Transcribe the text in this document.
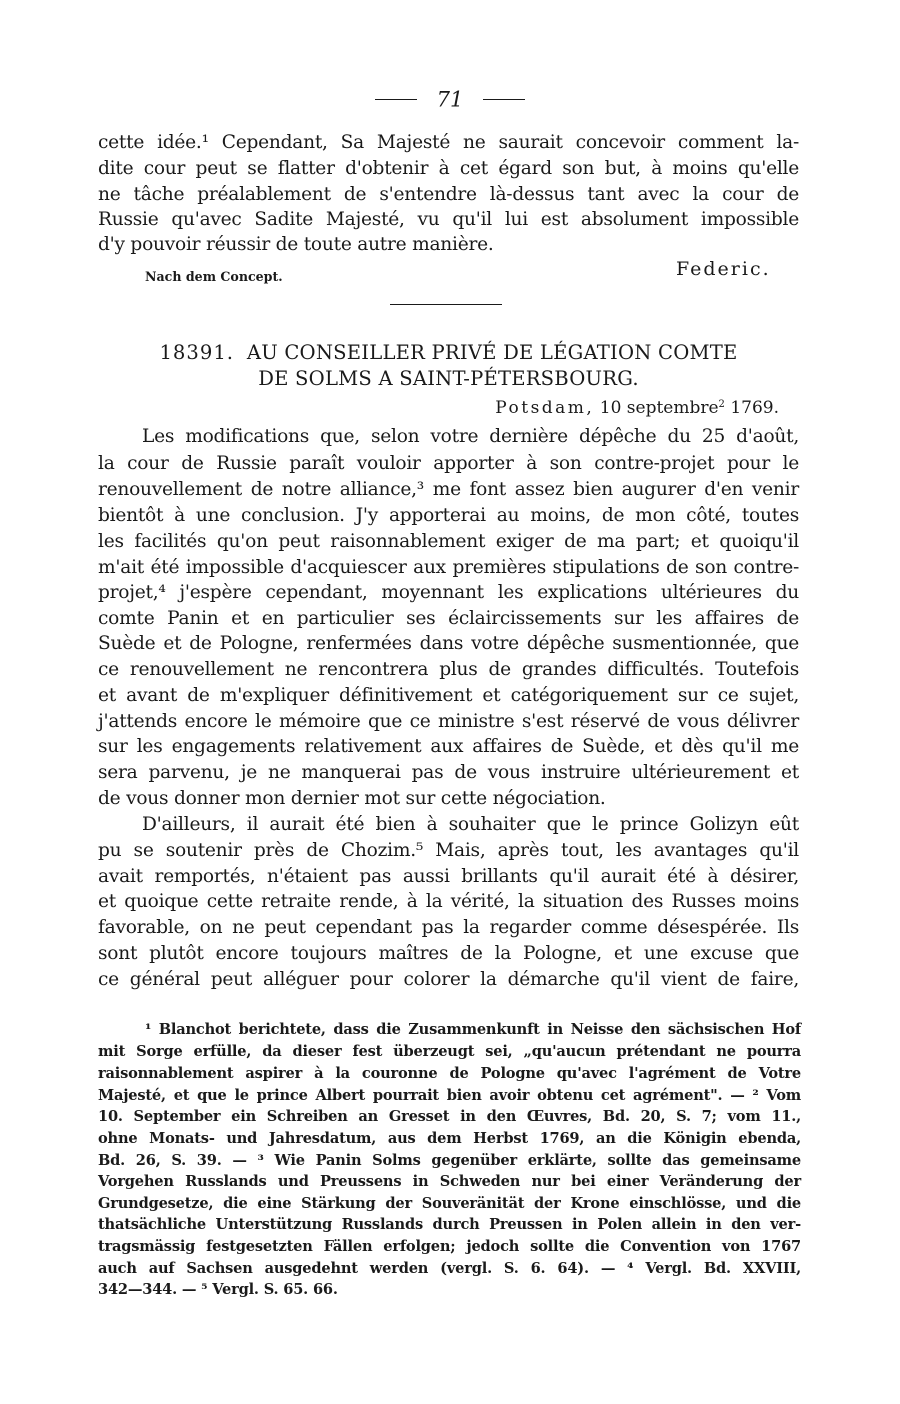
71
cette idée.¹ Cependant, Sa Majesté ne saurait concevoir comment la-
dite cour peut se flatter d'obtenir à cet égard son but, à moins qu'elle
ne tâche préalablement de s'entendre là-dessus tant avec la cour de
Russie qu'avec Sadite Majesté, vu qu'il lui est absolument impossible
d'y pouvoir réussir de toute autre manière.
Nach dem Concept.	Federic.
18391. AU CONSEILLER PRIVÉ DE LÉGATION COMTE
DE SOLMS A SAINT-PÉTERSBOURG.
Potsdam, 10 septembre$^2$ 1769.
Les modifications que, selon votre dernière dépêche du 25 d'août,
la cour de Russie paraît vouloir apporter à son contre-projet pour le
renouvellement de notre alliance,³ me font assez bien augurer d'en venir
bientôt à une conclusion. J'y apporterai au moins, de mon côté, toutes
les facilités qu'on peut raisonnablement exiger de ma part; et quoiqu'il
m'ait été impossible d'acquiescer aux premières stipulations de son contre-
projet,⁴ j'espère cependant, moyennant les explications ultérieures du
comte Panin et en particulier ses éclaircissements sur les affaires de
Suède et de Pologne, renfermées dans votre dépêche susmentionnée, que
ce renouvellement ne rencontrera plus de grandes difficultés. Toutefois
et avant de m'expliquer définitivement et catégoriquement sur ce sujet,
j'attends encore le mémoire que ce ministre s'est réservé de vous délivrer
sur les engagements relativement aux affaires de Suède, et dès qu'il me
sera parvenu, je ne manquerai pas de vous instruire ultérieurement et
de vous donner mon dernier mot sur cette négociation.
D'ailleurs, il aurait été bien à souhaiter que le prince Golizyn eût
pu se soutenir près de Chozim.⁵ Mais, après tout, les avantages qu'il
avait remportés, n'étaient pas aussi brillants qu'il aurait été à désirer,
et quoique cette retraite rende, à la vérité, la situation des Russes moins
favorable, on ne peut cependant pas la regarder comme désespérée. Ils
sont plutôt encore toujours maîtres de la Pologne, et une excuse que
ce général peut alléguer pour colorer la démarche qu'il vient de faire,
¹ Blanchot berichtete, dass die Zusammenkunft in Neisse den sächsischen Hof
mit Sorge erfülle, da dieser fest überzeugt sei, „qu'aucun prétendant ne pourra
raisonnablement aspirer à la couronne de Pologne qu'avec l'agrément de Votre
Majesté, et que le prince Albert pourrait bien avoir obtenu cet agrément". — ² Vom
10. September ein Schreiben an Gresset in den Œuvres, Bd. 20, S. 7; vom 11.,
ohne Monats- und Jahresdatum, aus dem Herbst 1769, an die Königin ebenda,
Bd. 26, S. 39. — ³ Wie Panin Solms gegenüber erklärte, sollte das gemeinsame
Vorgehen Russlands und Preussens in Schweden nur bei einer Veränderung der
Grundgesetze, die eine Stärkung der Souveränität der Krone einschlösse, und die
thatsächliche Unterstützung Russlands durch Preussen in Polen allein in den ver-
tragsmässig festgesetzten Fällen erfolgen; jedoch sollte die Convention von 1767
auch auf Sachsen ausgedehnt werden (vergl. S. 6. 64). — ⁴ Vergl. Bd. XXVIII,
342—344. — ⁵ Vergl. S. 65. 66.
